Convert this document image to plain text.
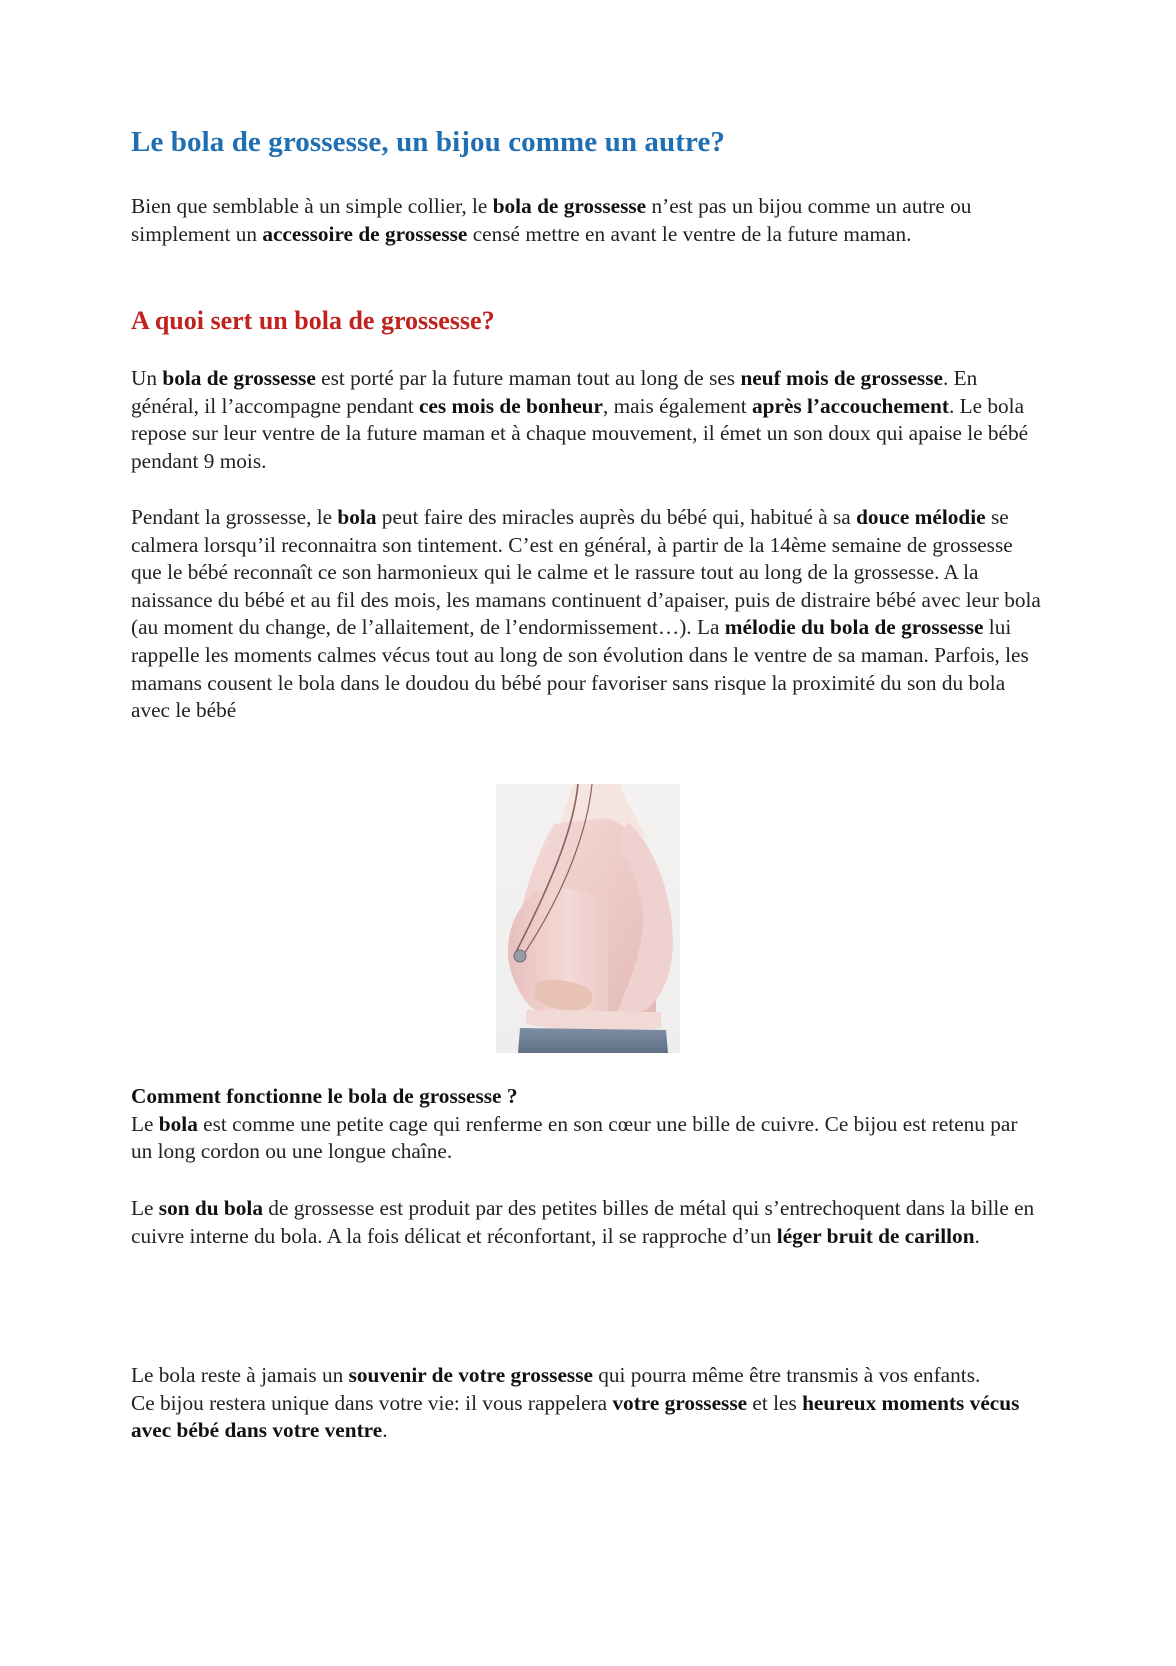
Le bola de grossesse, un bijou comme un autre?

Bien que semblable à un simple collier, le bola de grossesse n’est pas un bijou comme un autre ou simplement un accessoire de grossesse censé mettre en avant le ventre de la future maman.

A quoi sert un bola de grossesse?

Un bola de grossesse est porté par la future maman tout au long de ses neuf mois de grossesse. En général, il l’accompagne pendant ces mois de bonheur, mais également après l’accouchement. Le bola repose sur leur ventre de la future maman et à chaque mouvement, il émet un son doux qui apaise le bébé pendant 9 mois.

Pendant la grossesse, le bola peut faire des miracles auprès du bébé qui, habitué à sa douce mélodie se calmera lorsqu’il reconnaitra son tintement. C’est en général, à partir de la 14ème semaine de grossesse que le bébé reconnaît ce son harmonieux qui le calme et le rassure tout au long de la grossesse. A la naissance du bébé et au fil des mois, les mamans continuent d’apaiser, puis de distraire bébé avec leur bola (au moment du change, de l’allaitement, de l’endormissement…). La mélodie du bola de grossesse lui rappelle les moments calmes vécus tout au long de son évolution dans le ventre de sa maman. Parfois, les mamans cousent le bola dans le doudou du bébé pour favoriser sans risque la proximité du son du bola avec le bébé

Comment fonctionne le bola de grossesse ?
Le bola est comme une petite cage qui renferme en son cœur une bille de cuivre. Ce bijou est retenu par un long cordon ou une longue chaîne.

Le son du bola de grossesse est produit par des petites billes de métal qui s’entrechoquent dans la bille en cuivre interne du bola. A la fois délicat et réconfortant, il se rapproche d’un léger bruit de carillon.

Le bola reste à jamais un souvenir de votre grossesse qui pourra même être transmis à vos enfants.
Ce bijou restera unique dans votre vie: il vous rappelera votre grossesse et les heureux moments vécus avec bébé dans votre ventre.
